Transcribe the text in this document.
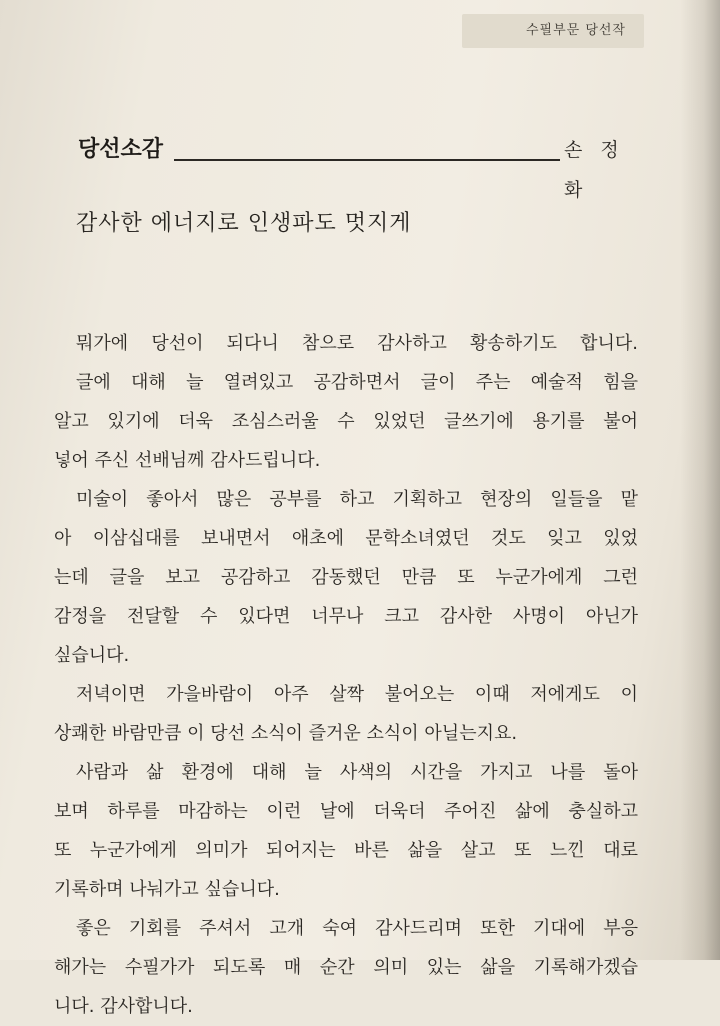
수필부문 당선작
당선소감	손 정 화
감사한 에너지로 인생파도 멋지게
뭐가에 당선이 되다니 참으로 감사하고 황송하기도 합니다.
글에 대해 늘 열려있고 공감하면서 글이 주는 예술적 힘을
알고 있기에 더욱 조심스러울 수 있었던 글쓰기에 용기를 불어
넣어 주신 선배님께 감사드립니다.
미술이 좋아서 많은 공부를 하고 기획하고 현장의 일들을 맡
아 이삼십대를 보내면서 애초에 문학소녀였던 것도 잊고 있었
는데 글을 보고 공감하고 감동했던 만큼 또 누군가에게 그런
감정을 전달할 수 있다면 너무나 크고 감사한 사명이 아닌가
싶습니다.
저녁이면 가을바람이 아주 살짝 불어오는 이때 저에게도 이
상쾌한 바람만큼 이 당선 소식이 즐거운 소식이 아닐는지요.
사람과 삶 환경에 대해 늘 사색의 시간을 가지고 나를 돌아
보며 하루를 마감하는 이런 날에 더욱더 주어진 삶에 충실하고
또 누군가에게 의미가 되어지는 바른 삶을 살고 또 느낀 대로
기록하며 나눠가고 싶습니다.
좋은 기회를 주셔서 고개 숙여 감사드리며 또한 기대에 부응
해가는 수필가가 되도록 매 순간 의미 있는 삶을 기록해가겠습
니다. 감사합니다.
